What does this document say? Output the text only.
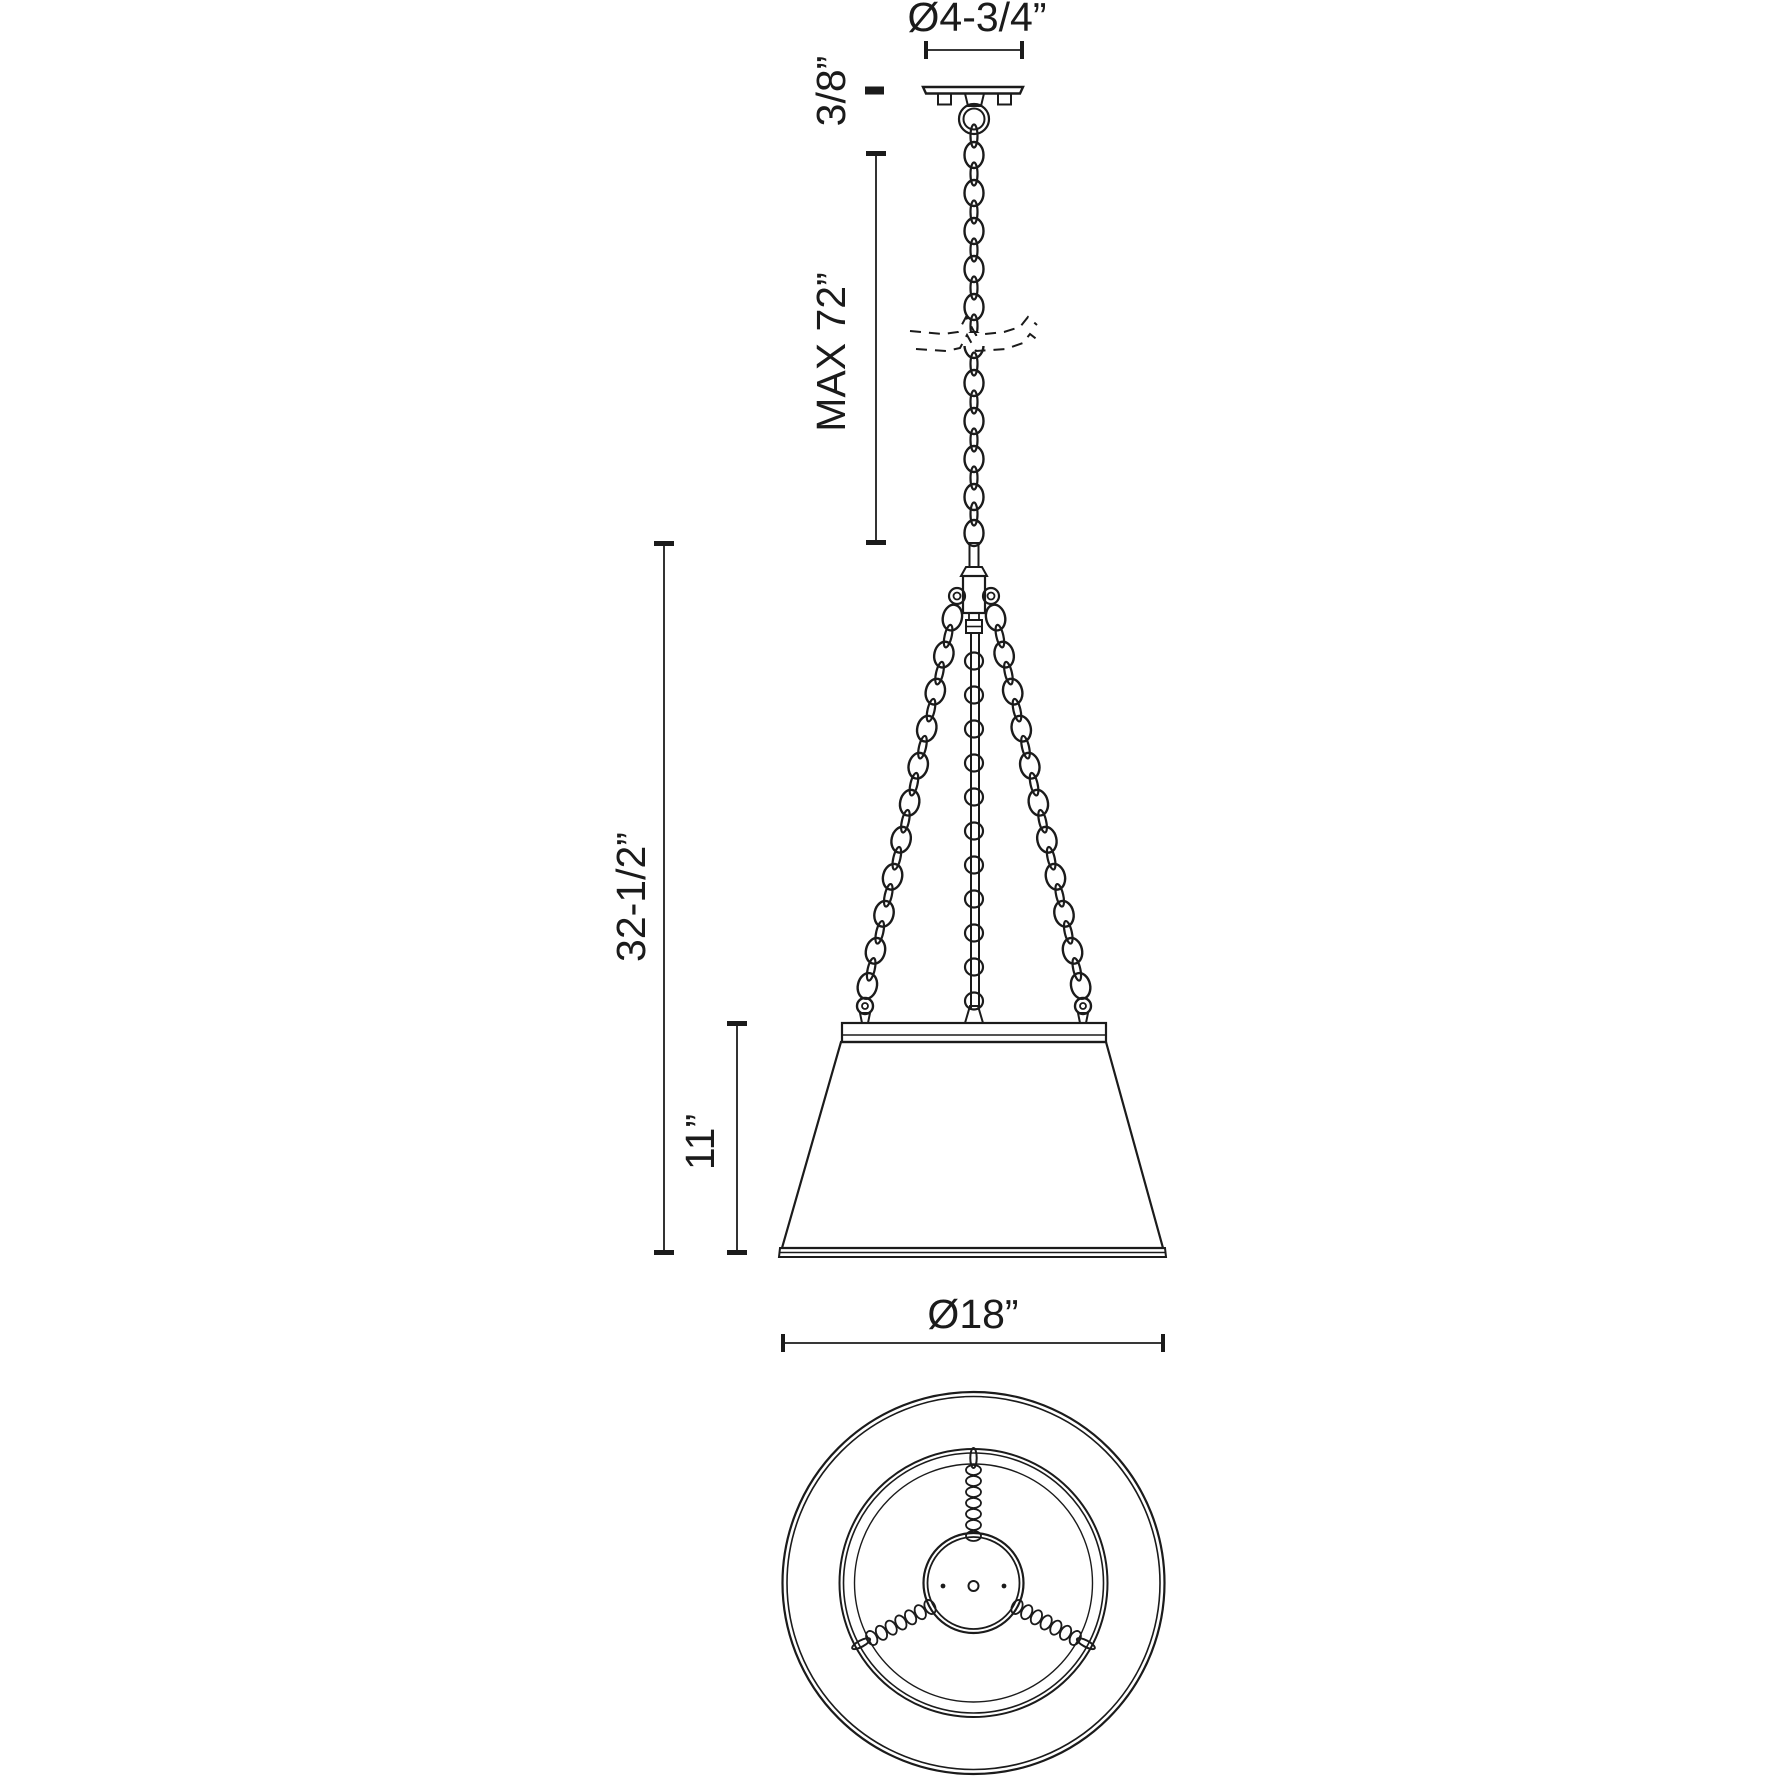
Ø4-3/4”
3/8”
MAX 72”
32-1/2”
11”
Ø18”
